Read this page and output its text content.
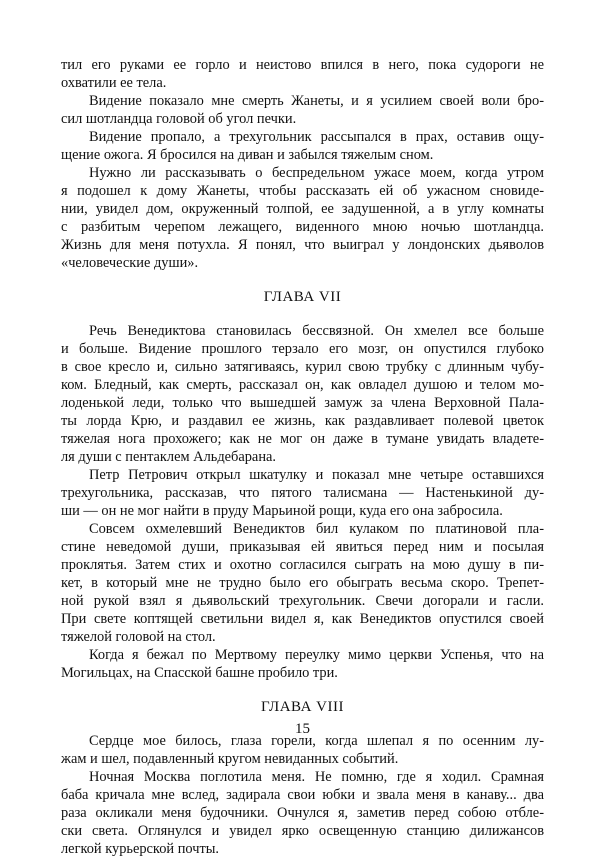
тил его руками ее горло и неистово впился в него, пока судороги не
охватили ее тела.
Видение показало мне смерть Жанеты, и я усилием своей воли бро-
сил шотландца головой об угол печки.
Видение пропало, а трехугольник рассыпался в прах, оставив ощу-
щение ожога. Я бросился на диван и забылся тяжелым сном.
Нужно ли рассказывать о беспредельном ужасе моем, когда утром
я подошел к дому Жанеты, чтобы рассказать ей об ужасном сновиде-
нии, увидел дом, окруженный толпой, ее задушенной, а в углу комнаты
с разбитым черепом лежащего, виденного мною ночью шотландца.
Жизнь для меня потухла. Я понял, что выиграл у лондонских дьяволов
«человеческие души».
ГЛАВА VII
Речь Венедиктова становилась бессвязной. Он хмелел все больше
и больше. Видение прошлого терзало его мозг, он опустился глубоко
в свое кресло и, сильно затягиваясь, курил свою трубку с длинным чубу-
ком. Бледный, как смерть, рассказал он, как овладел душою и телом мо-
лоденькой леди, только что вышедшей замуж за члена Верховной Пала-
ты лорда Крю, и раздавил ее жизнь, как раздавливает полевой цветок
тяжелая нога прохожего; как не мог он даже в тумане увидать владете-
ля души с пентаклем Альдебарана.
Петр Петрович открыл шкатулку и показал мне четыре оставшихся
трехугольника, рассказав, что пятого талисмана — Настенькиной ду-
ши — он не мог найти в пруду Марьиной рощи, куда его она забросила.
Совсем охмелевший Венедиктов бил кулаком по платиновой пла-
стине неведомой души, приказывая ей явиться перед ним и посылая
проклятья. Затем стих и охотно согласился сыграть на мою душу в пи-
кет, в который мне не трудно было его обыграть весьма скоро. Трепет-
ной рукой взял я дьявольский трехугольник. Свечи догорали и гасли.
При свете коптящей светильни видел я, как Венедиктов опустился своей
тяжелой головой на стол.
Когда я бежал по Мертвому переулку мимо церкви Успенья, что на
Могильцах, на Спасской башне пробило три.
ГЛАВА VIII
Сердце мое билось, глаза горели, когда шлепал я по осенним лу-
жам и шел, подавленный кругом невиданных событий.
Ночная Москва поглотила меня. Не помню, где я ходил. Срамная
баба кричала мне вслед, задирала свои юбки и звала меня в канаву... два
раза окликали меня будочники. Очнулся я, заметив перед собою отблe-
ски света. Оглянулся и увидел ярко освещенную станцию дилижансов
легкой курьерской почты.
15
